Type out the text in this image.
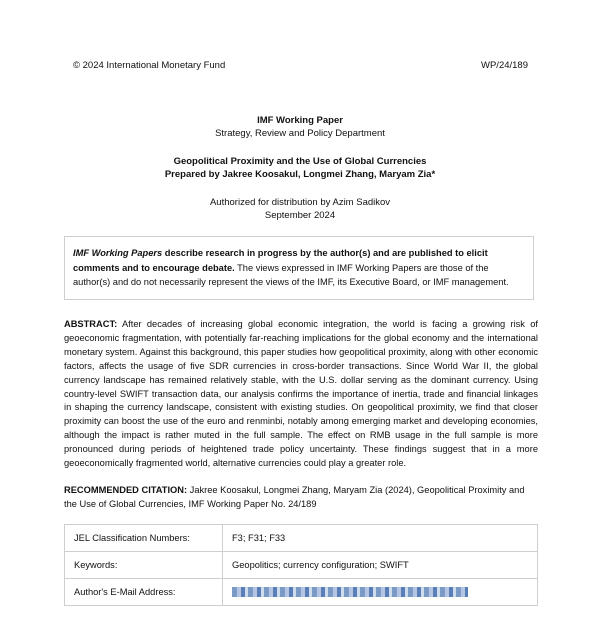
© 2024 International Monetary Fund	WP/24/189
IMF Working Paper
Strategy, Review and Policy Department
Geopolitical Proximity and the Use of Global Currencies
Prepared by Jakree Koosakul, Longmei Zhang, Maryam Zia*
Authorized for distribution by Azim Sadikov
September 2024
IMF Working Papers describe research in progress by the author(s) and are published to elicit comments and to encourage debate. The views expressed in IMF Working Papers are those of the author(s) and do not necessarily represent the views of the IMF, its Executive Board, or IMF management.
ABSTRACT: After decades of increasing global economic integration, the world is facing a growing risk of geoeconomic fragmentation, with potentially far-reaching implications for the global economy and the international monetary system. Against this background, this paper studies how geopolitical proximity, along with other economic factors, affects the usage of five SDR currencies in cross-border transactions. Since World War II, the global currency landscape has remained relatively stable, with the U.S. dollar serving as the dominant currency. Using country-level SWIFT transaction data, our analysis confirms the importance of inertia, trade and financial linkages in shaping the currency landscape, consistent with existing studies. On geopolitical proximity, we find that closer proximity can boost the use of the euro and renminbi, notably among emerging market and developing economies, although the impact is rather muted in the full sample. The effect on RMB usage in the full sample is more pronounced during periods of heightened trade policy uncertainty. These findings suggest that in a more geoeconomically fragmented world, alternative currencies could play a greater role.
RECOMMENDED CITATION: Jakree Koosakul, Longmei Zhang, Maryam Zia (2024), Geopolitical Proximity and the Use of Global Currencies, IMF Working Paper No. 24/189
JEL Classification Numbers:	F3; F31; F33
Keywords:	Geopolitics; currency configuration; SWIFT
Author's E-Mail Address:	
